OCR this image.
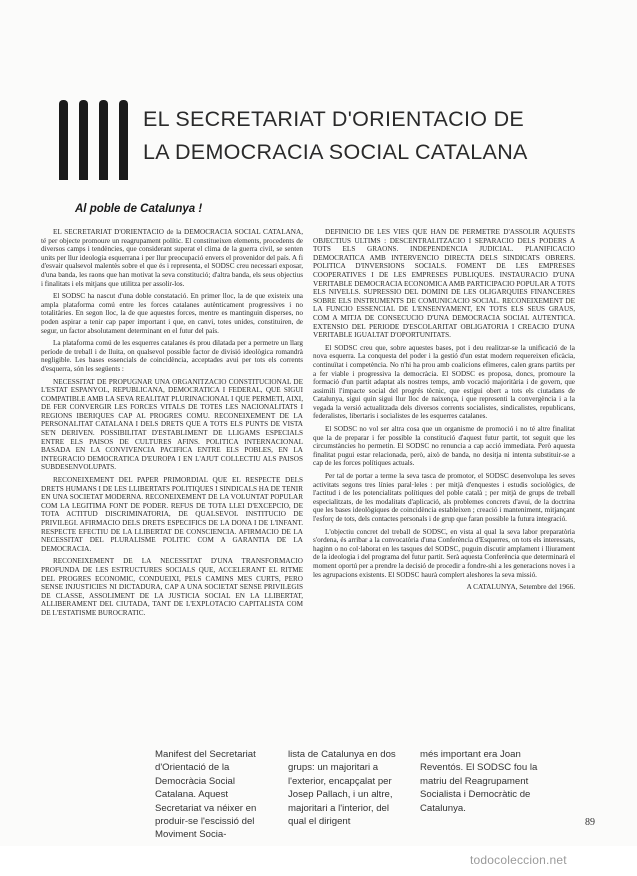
EL SECRETARIAT D'ORIENTACIO DE
LA DEMOCRACIA SOCIAL CATALANA
Al poble de Catalunya !

EL SECRETARIAT D'ORIENTACIO de la DEMOCRACIA SOCIAL CATALANA, té per objecte promoure un reagrupament polític. El constitueixen elements, procedents de diversos camps i tendències, que considerant superat el clima de la guerra civil, se senten units per llur ideologia esquerrana i per llur preocupació envers el provenidor del país. A fi d'esvair qualsevol malentès sobre el que és i representa, el SODSC creu necessari exposar, d'una banda, les raons que han motivat la seva constitució; d'altra banda, els seus objectius i finalitats i els mitjans que utilitza per assolir-los.

El SODSC ha nascut d'una doble constatació. En primer lloc, la de que existeix una ampla plataforma comú entre les forces catalanes autènticament progressives i no totalitàries. En segon lloc, la de que aquestes forces, mentre es mantinguin disperses, no poden aspirar a tenir cap paper important i que, en canvi, totes unides, constituiren, de segur, un factor absolutament determinant en el futur del país.

La plataforma comú de les esquerres catalanes és prou dilatada per a permetre un llarg període de treball i de lluita, on qualsevol possible factor de divisió ideològica romandrà negligible. Les bases essencials de coincidència, acceptades avui per tots els corrents d'esquerra, són les següents :

NECESSITAT DE PROPUGNAR UNA ORGANITZACIO CONSTITUCIONAL DE L'ESTAT ESPANYOL, REPUBLICANA, DEMOCRATICA I FEDERAL, QUE SIGUI COMPATIBLE AMB LA SEVA REALITAT PLURINACIONAL I QUE PERMETI, AIXI, DE FER CONVERGIR LES FORCES VITALS DE TOTES LES NACIONALITATS I REGIONS IBERIQUES CAP AL PROGRES COMU. RECONEIXEMENT DE LA PERSONALITAT CATALANA I DELS DRETS QUE A TOTS ELS PUNTS DE VISTA SE'N DERIVEN. POSSIBILITAT D'ESTABLIMENT DE LLIGAMS ESPECIALS ENTRE ELS PAISOS DE CULTURES AFINS. POLITICA INTERNACIONAL BASADA EN LA CONVIVENCIA PACIFICA ENTRE ELS POBLES, EN LA INTEGRACIO DEMOCRATICA D'EUROPA I EN L'AJUT COLLECTIU ALS PAISOS SUBDESENVOLUPATS.

RECONEIXEMENT DEL PAPER PRIMORDIAL QUE EL RESPECTE DELS DRETS HUMANS I DE LES LLIBERTATS POLITIQUES I SINDICALS HA DE TENIR EN UNA SOCIETAT MODERNA. RECONEIXEMENT DE LA VOLUNTAT POPULAR COM LA LEGITIMA FONT DE PODER. REFUS DE TOTA LLEI D'EXCEPCIO, DE TOTA ACTITUD DISCRIMINATORIA, DE QUALSEVOL INSTITUCIO DE PRIVILEGI. AFIRMACIO DELS DRETS ESPECIFICS DE LA DONA I DE L'INFANT. RESPECTE EFECTIU DE LA LLIBERTAT DE CONSCIENCIA. AFIRMACIO DE LA NECESSITAT DEL PLURALISME POLITIC COM A GARANTIA DE LA DEMOCRACIA.

RECONEIXEMENT DE LA NECESSITAT D'UNA TRANSFORMACIO PROFUNDA DE LES ESTRUCTURES SOCIALS QUE, ACCELERANT EL RITME DEL PROGRES ECONOMIC, CONDUEIXI, PELS CAMINS MES CURTS, PERO SENSE INJUSTICIES NI DICTADURA, CAP A UNA SOCIETAT SENSE PRIVILEGIS DE CLASSE, ASSOLIMENT DE LA JUSTICIA SOCIAL EN LA LLIBERTAT, ALLIBERAMENT DEL CIUTADA, TANT DE L'EXPLOTACIO CAPITALISTA COM DE L'ESTATISME BUROCRATIC.

DEFINICIO DE LES VIES QUE HAN DE PERMETRE D'ASSOLIR AQUESTS OBJECTIUS ULTIMS : DESCENTRALITZACIO I SEPARACIO DELS PODERS A TOTS ELS GRAONS. INDEPENDENCIA JUDICIAL. PLANIFICACIO DEMOCRATICA AMB INTERVENCIO DIRECTA DELS SINDICATS OBRERS. POLITICA D'INVERSIONS SOCIALS. FOMENT DE LES EMPRESES COOPERATIVES I DE LES EMPRESES PUBLIQUES. INSTAURACIO D'UNA VERITABLE DEMOCRACIA ECONOMICA AMB PARTICIPACIO POPULAR A TOTS ELS NIVELLS. SUPRESSIO DEL DOMINI DE LES OLIGARQUIES FINANCERES SOBRE ELS INSTRUMENTS DE COMUNICACIO SOCIAL. RECONEIXEMENT DE LA FUNCIO ESSENCIAL DE L'ENSENYAMENT, EN TOTS ELS SEUS GRAUS, COM A MITJA DE CONSECUCIO D'UNA DEMOCRACIA SOCIAL AUTENTICA. EXTENSIO DEL PERIODE D'ESCOLARITAT OBLIGATORIA I CREACIO D'UNA VERITABLE IGUALTAT D'OPORTUNITATS.

El SODSC creu que, sobre aquestes bases, pot i deu realitzar-se la unificació de la nova esquerra. La conquesta del poder i la gestió d'un estat modern requereixen eficàcia, continuïtat i competència. No n'hi ha prou amb coalicions efímeres, calen grans partits per a fer viable i progressiva la democràcia. El SODSC es proposa, doncs, promoure la formació d'un partit adaptat als nostres temps, amb vocació majoritària i de govern, que assimili l'impacte social del progrés tècnic, que estigui obert a tots els ciutadans de Catalunya, sigui quin sigui llur lloc de naixença, i que representi la convergència i a la vegada la versió actualitzada dels diversos corrents socialistes, sindicalistes, republicans, federalistes, libertaris i socialistes de les esquerres catalanes.

El SODSC no vol ser altra cosa que un organisme de promoció i no té altre finalitat que la de preparar i fer possible la constitució d'aquest futur partit, tot seguit que les circumstàncies ho permetin. El SODSC no renuncia a cap acció immediata. Però aquesta finalitat pugui estar relacionada, però, això de banda, no desitja ni intenta substituir-se a cap de les forces polítiques actuals.

Per tal de portar a terme la seva tasca de promotor, el SODSC desenvolupa les seves activitats segons tres línies paral·leles : per mitjà d'enquestes i estudis sociològics, de l'actitud i de les potencialitats polítiques del poble català ; per mitjà de grups de treball especialitzats, de les modalitats d'aplicació, als problemes concrets d'avui, de la doctrina que les bases ideològiques de coincidència estableixen ; creació i manteniment, mitjançant l'esforç de tots, dels contactes personals i de grup que faran possible la futura integració.

L'objectiu concret del treball de SODSC, en vista al qual la seva labor preparatòria s'ordena, és arribar a la convocatòria d'una Conferència d'Esquerres, on tots els interessats, haginn o no col·laborat en les tasques del SODSC, puguin discutir amplament i lliurament de la ideologia i del programa del futur partit. Serà aquesta Conferència que determinarà el moment oportú per a prendre la decisió de procedir a fondre-shi a les generacions noves i a les agrupacions existents. El SODSC haurà complert aleshores la seva missió.

A CATALUNYA, Setembre del 1966.

Manifest del Secretariat d'Orientació de la Democràcia Social Catalana. Aquest Secretariat va néixer en produir-se l'escissió del Moviment Socia-

lista de Catalunya en dos grups: un majoritari a l'exterior, encapçalat per Josep Pallach, i un altre, majoritari a l'interior, del qual el dirigent

més important era Joan Reventós. El SODSC fou la matriu del Reagrupament Socialista i Democràtic de Catalunya.

89
todocoleccion.net
